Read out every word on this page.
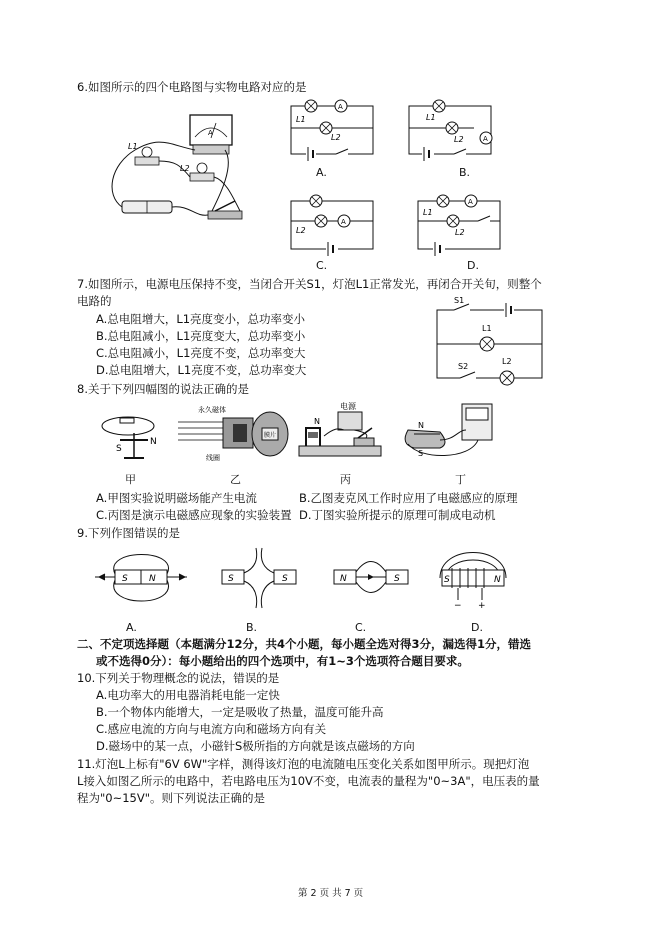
6.如图所示的四个电路图与实物电路对应的是
A
L1
L2
A
L1
L2
A.
A
L1
L2
B.
A
L2
C.
A
L1
L2
D.
7.如图所示，电源电压保持不变，当闭合开关S1，灯泡L1正常发光，再闭合开关旬，则整个
电路的
A.总电阻增大，L1亮度变小，总功率变小
B.总电阻减小，L1亮度变大，总功率变小
C.总电阻减小，L1亮度不变，总功率变大
D.总电阻增大，L1亮度不变，总功率变大
S1
L1
S2
L2
8.关于下列四幅图的说法正确的是
S
N
甲
永久磁体
线圈
膜片
乙
电源
N
丙
N
S
丁
A.甲图实验说明磁场能产生电流	B.乙图麦克风工作时应用了电磁感应的原理
C.丙图是演示电磁感应现象的实验装置 D.丁图实验所提示的原理可制成电动机
9.下列作图错误的是
S N
A.
S	S
B.
N	S
C.
S	N
− +
D.
二、不定项选择题（本题满分12分，共4个小题，每小题全选对得3分，漏选得1分，错选
或不选得0分）：每小题给出的四个选项中，有1~3个选项符合题目要求。
10.下列关于物理概念的说法，错误的是
A.电功率大的用电器消耗电能一定快
B.一个物体内能增大，一定是吸收了热量，温度可能升高
C.感应电流的方向与电流方向和磁场方向有关
D.磁场中的某一点，小磁针S极所指的方向就是该点磁场的方向
11.灯泡L上标有"6V 6W"字样，测得该灯泡的电流随电压变化关系如图甲所示。现把灯泡
L接入如图乙所示的电路中，若电路电压为10V不变，电流表的量程为"0~3A"，电压表的量
程为"0~15V"。则下列说法正确的是
第 2 页 共 7 页
